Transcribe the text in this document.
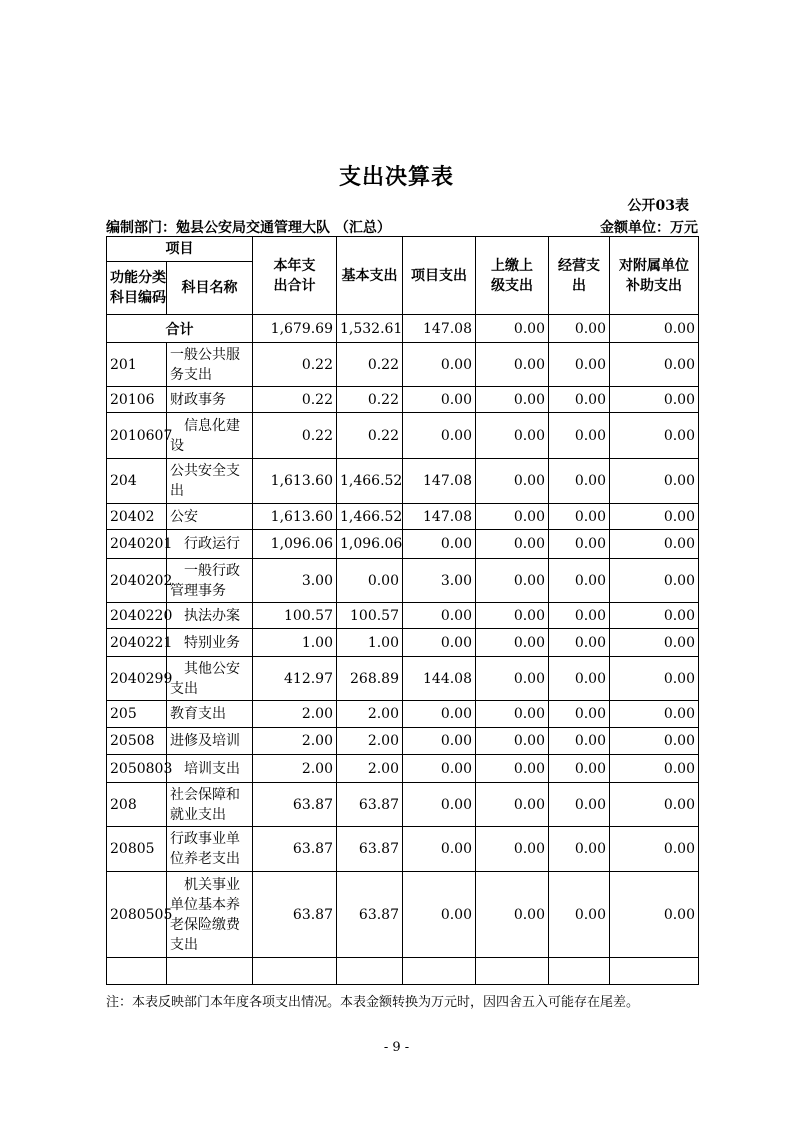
支出决算表
公开03表
编制部门：勉县公安局交通管理大队 （汇总）	金额单位：万元
项目		本年支出合计	基本支出	项目支出	上缴上级支出	经营支出	对附属单位补助支出

功能分类科目编码	科目名称						
合计		1,679.69	1,532.61	147.08	0.00	0.00	0.00
201	一般公共服务支出	0.22	0.22	0.00	0.00	0.00	0.00
20106	财政事务	0.22	0.22	0.00	0.00	0.00	0.00
2010607	信息化建设	0.22	0.22	0.00	0.00	0.00	0.00
204	公共安全支出	1,613.60	1,466.52	147.08	0.00	0.00	0.00
20402	公安	1,613.60	1,466.52	147.08	0.00	0.00	0.00
2040201	行政运行	1,096.06	1,096.06	0.00	0.00	0.00	0.00
2040202	一般行政管理事务	3.00	0.00	3.00	0.00	0.00	0.00
2040220	执法办案	100.57	100.57	0.00	0.00	0.00	0.00
2040221	特别业务	1.00	1.00	0.00	0.00	0.00	0.00
2040299	其他公安支出	412.97	268.89	144.08	0.00	0.00	0.00
205	教育支出	2.00	2.00	0.00	0.00	0.00	0.00
20508	进修及培训	2.00	2.00	0.00	0.00	0.00	0.00
2050803	培训支出	2.00	2.00	0.00	0.00	0.00	0.00
208	社会保障和就业支出	63.87	63.87	0.00	0.00	0.00	0.00
20805	行政事业单位养老支出	63.87	63.87	0.00	0.00	0.00	0.00
2080505	机关事业单位基本养老保险缴费支出	63.87	63.87	0.00	0.00	0.00	0.00

注：本表反映部门本年度各项支出情况。本表金额转换为万元时，因四舍五入可能存在尾差。
- 9 -
